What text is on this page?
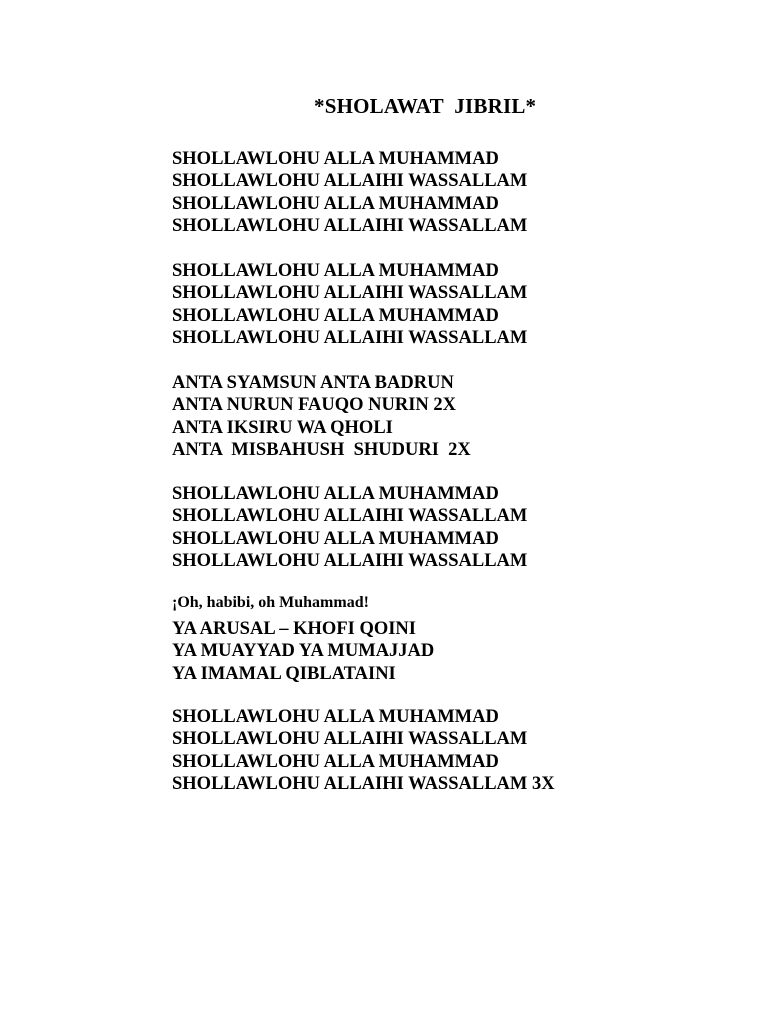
*SHOLAWAT  JIBRIL*
SHOLLAWLOHU ALLA MUHAMMAD
SHOLLAWLOHU ALLAIHI WASSALLAM
SHOLLAWLOHU ALLA MUHAMMAD
SHOLLAWLOHU ALLAIHI WASSALLAM
SHOLLAWLOHU ALLA MUHAMMAD
SHOLLAWLOHU ALLAIHI WASSALLAM
SHOLLAWLOHU ALLA MUHAMMAD
SHOLLAWLOHU ALLAIHI WASSALLAM
ANTA SYAMSUN ANTA BADRUN
ANTA NURUN FAUQO NURIN 2X
ANTA IKSIRU WA QHOLI
ANTA  MISBAHUSH  SHUDURI  2X
SHOLLAWLOHU ALLA MUHAMMAD
SHOLLAWLOHU ALLAIHI WASSALLAM
SHOLLAWLOHU ALLA MUHAMMAD
SHOLLAWLOHU ALLAIHI WASSALLAM
¡Oh, habibi, oh Muhammad!
YA ARUSAL – KHOFI QOINI
YA MUAYYAD YA MUMAJJAD
YA IMAMAL QIBLATAINI
SHOLLAWLOHU ALLA MUHAMMAD
SHOLLAWLOHU ALLAIHI WASSALLAM
SHOLLAWLOHU ALLA MUHAMMAD
SHOLLAWLOHU ALLAIHI WASSALLAM 3X
